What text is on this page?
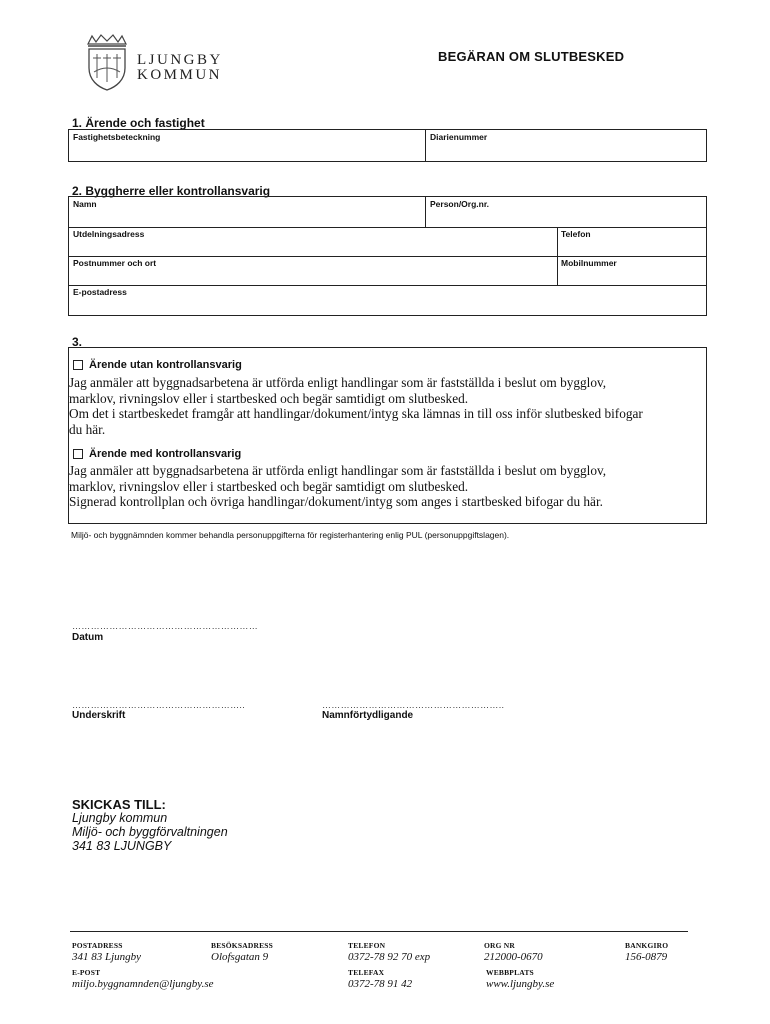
LJUNGBY
KOMMUN
BEGÄRAN OM SLUTBESKED
1. Ärende och fastighet
Fastighetsbeteckning	Diarienummer
2. Byggherre eller kontrollansvarig
Namn	Person/Org.nr.
Utdelningsadress	Telefon
Postnummer och ort	Mobilnummer
E-postadress
3.
Ärende utan kontrollansvarig
Jag anmäler att byggnadsarbetena är utförda enligt handlingar som är fastställda i beslut om bygglov,
marklov, rivningslov eller i startbesked och begär samtidigt om slutbesked.
Om det i startbeskedet framgår att handlingar/dokument/intyg ska lämnas in till oss inför slutbesked bifogar
du här.
Ärende med kontrollansvarig
Jag anmäler att byggnadsarbetena är utförda enligt handlingar som är fastställda i beslut om bygglov,
marklov, rivningslov eller i startbesked och begär samtidigt om slutbesked.
Signerad kontrollplan och övriga handlingar/dokument/intyg som anges i startbesked bifogar du här.
Miljö- och byggnämnden kommer behandla personuppgifterna för registerhantering enlig PUL (personuppgiftslagen).
……………………………………………………
Datum
………………………………………………..
Underskrift
…………………………………………………..
Namnförtydligande
SKICKAS TILL:
Ljungby kommun
Miljö- och byggförvaltningen
341 83 LJUNGBY
POSTADRESS
341 83 Ljungby
BESÖKSADRESS
Olofsgatan 9
TELEFON
0372-78 92 70 exp
ORG NR
212000-0670
BANKGIRO
156-0879
E-POST
miljo.byggnamnden@ljungby.se
TELEFAX
0372-78 91 42
WEBBPLATS
www.ljungby.se
